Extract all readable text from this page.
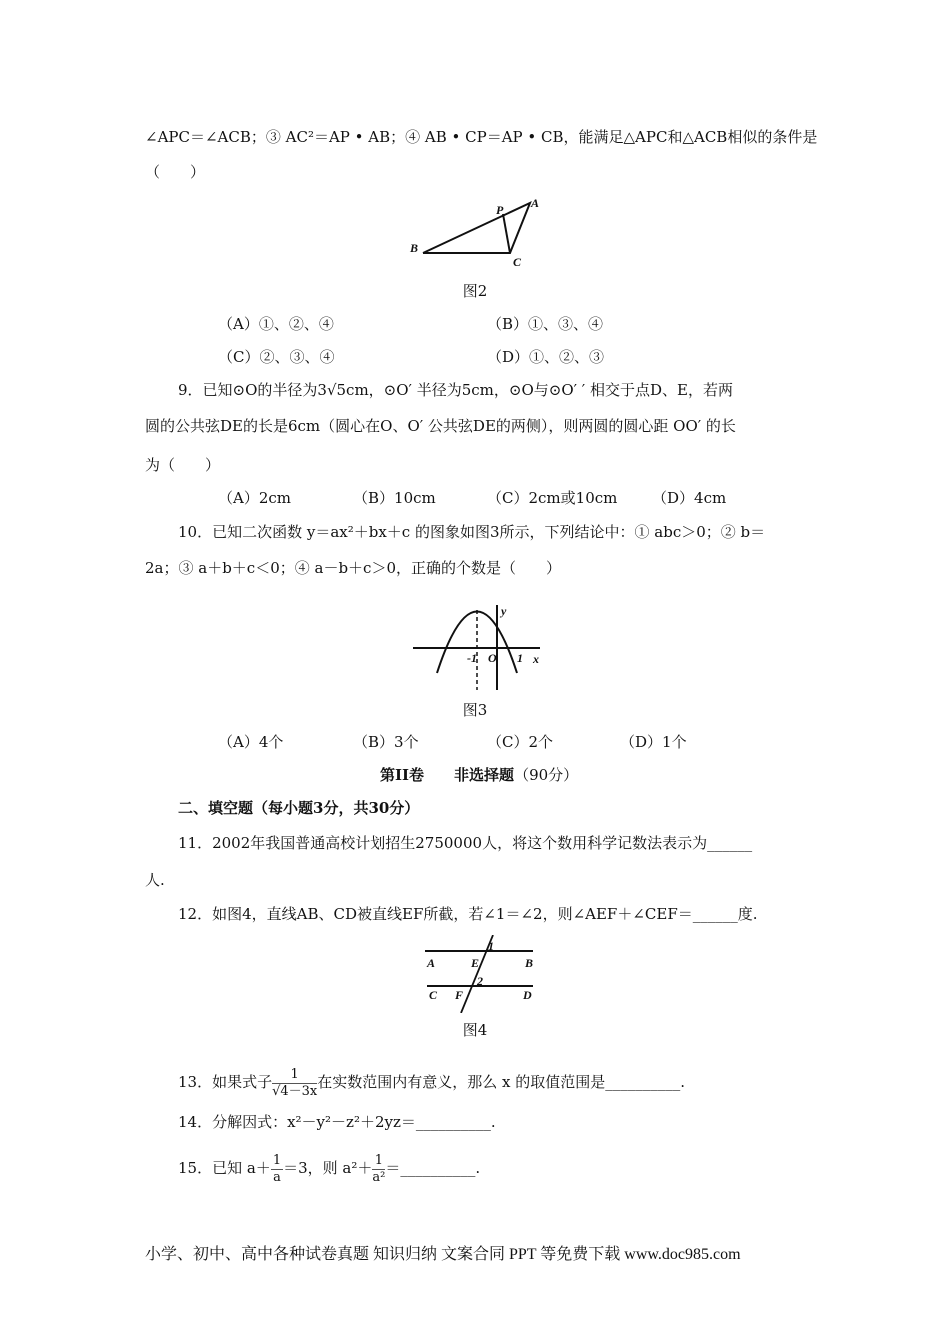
∠APC＝∠ACB；③ AC²＝AP • AB；④ AB • CP＝AP • CB，能满足△APC和△ACB相似的条件是
（　　）
B
A
P
C
图2
（A）①、②、④	（B）①、③、④
（C）②、③、④	（D）①、②、③
9．已知⊙O的半径为3√5cm，⊙O′ 半径为5cm，⊙O与⊙O′ ′ 相交于点D、E，若两
圆的公共弦DE的长是6cm（圆心在O、O′ 公共弦DE的两侧），则两圆的圆心距 OO′ 的长
为（　　）
（A）2cm	（B）10cm	（C）2cm或10cm （D）4cm
10．已知二次函数 y＝ax²＋bx＋c 的图象如图3所示，下列结论中：① abc＞0；② b＝
2a；③ a＋b＋c＜0；④ a－b＋c＞0，正确的个数是（　　）
y
x
-1 O 1
图3
（A）4个	（B）3个	（C）2个	（D）1个
第II卷   非选择题（90分）
二、填空题（每小题3分，共30分）
11．2002年我国普通高校计划招生2750000人，将这个数用科学记数法表示为______
人.
12．如图4，直线AB、CD被直线EF所截，若∠1＝∠2，则∠AEF＋∠CEF＝______度.
A	B
E
1
C F
2
D
图4
13．如果式子 $\frac{1}{√4-3x}$ 在实数范围内有意义，那么 x 的取值范围是__________.
14．分解因式：x²－y²－z²＋2yz＝__________.
15．已知 $a+ \frac{1}{a} =3$，则 $a^2+ \frac{1}{\text{a²}}$ ＝__________.
小学、初中、高中各种试卷真题 知识归纳 文案合同 PPT 等免费下载 www.doc985.com
